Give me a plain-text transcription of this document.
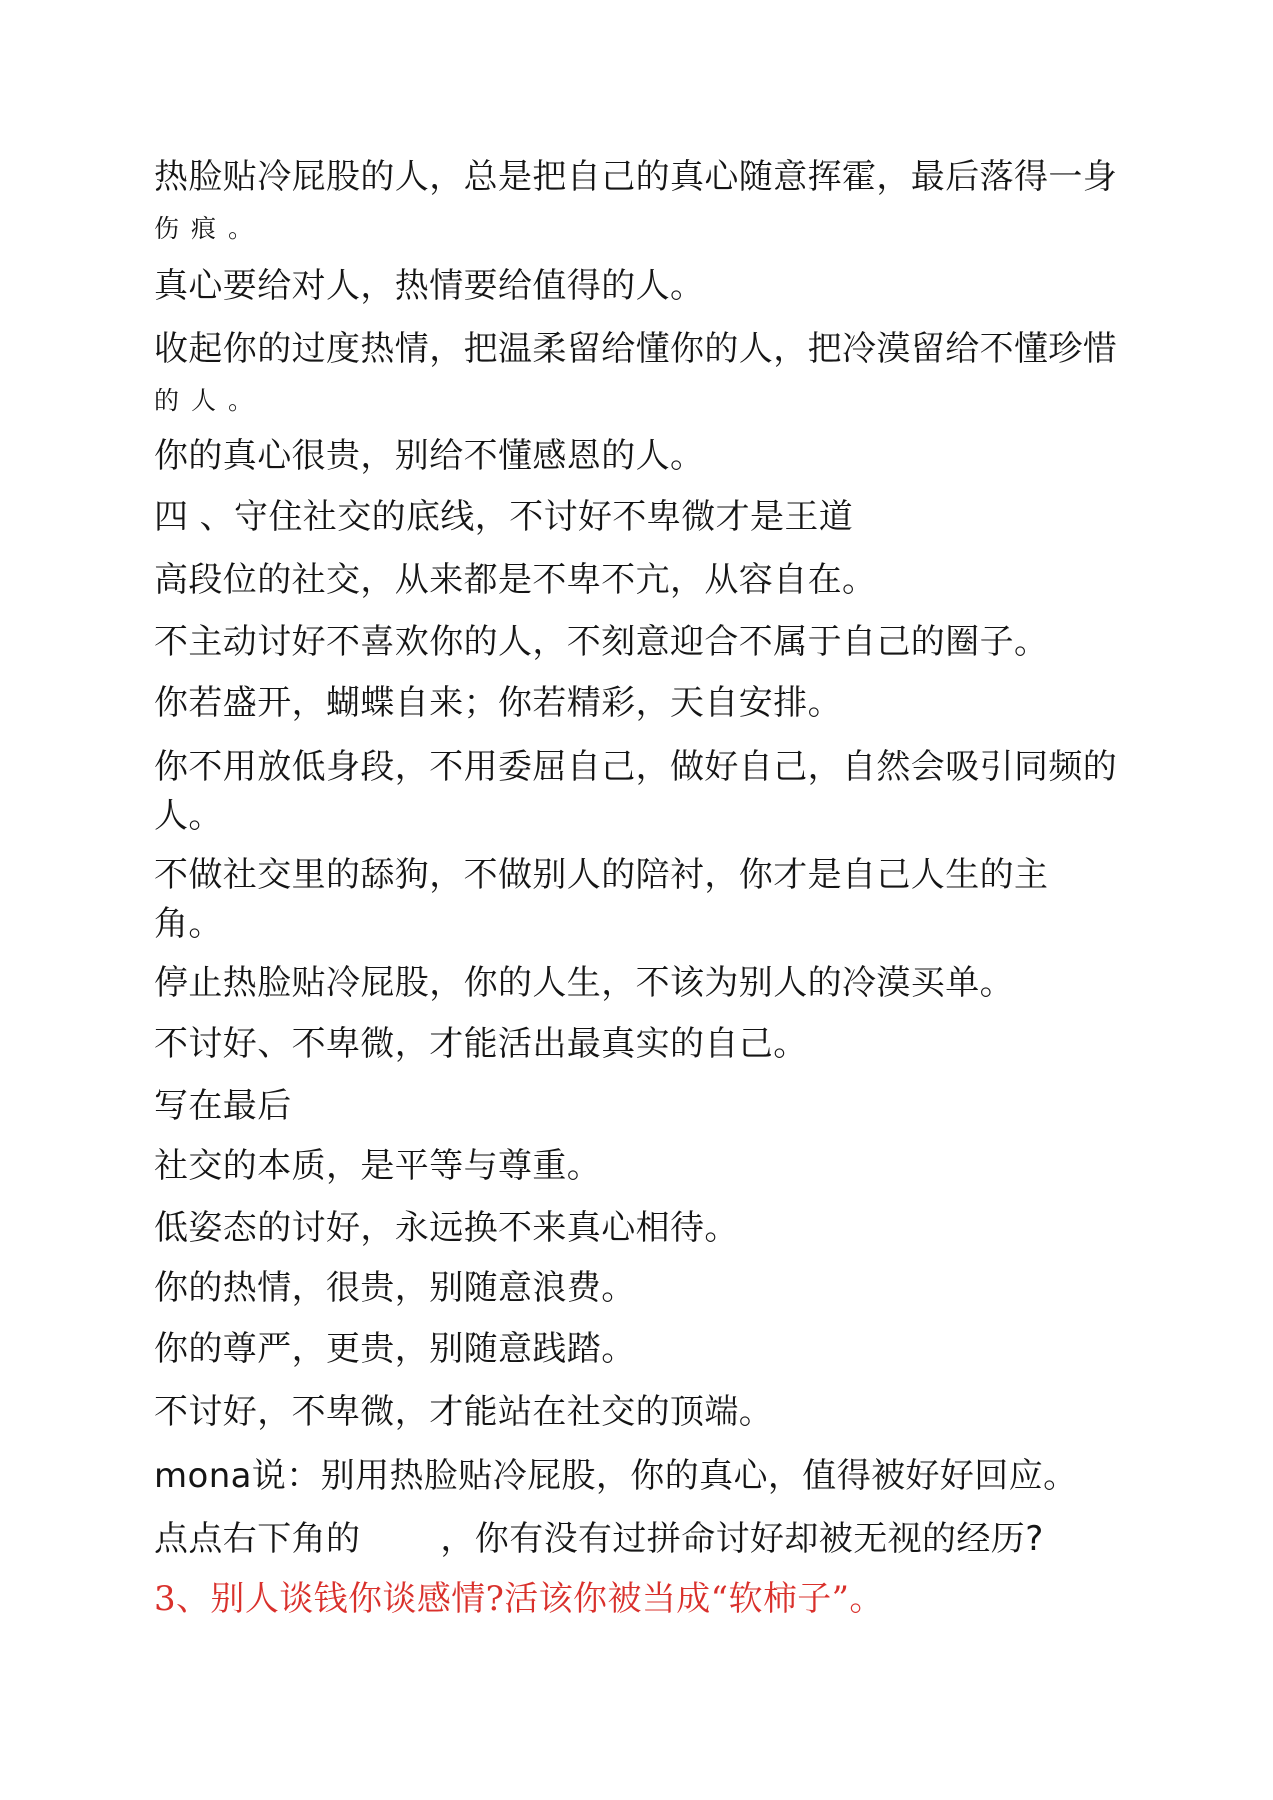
热脸贴冷屁股的人，总是把自己的真心随意挥霍，最后落得一身
伤痕。
真心要给对人，热情要给值得的人。
收起你的过度热情，把温柔留给懂你的人，把冷漠留给不懂珍惜
的人。
你的真心很贵，别给不懂感恩的人。
四 、守住社交的底线，不讨好不卑微才是王道
高段位的社交，从来都是不卑不亢，从容自在。
不主动讨好不喜欢你的人，不刻意迎合不属于自己的圈子。
你若盛开，蝴蝶自来；你若精彩，天自安排。
你不用放低身段，不用委屈自己，做好自己，自然会吸引同频的
人。
不做社交里的舔狗，不做别人的陪衬，你才是自己人生的主
角。
停止热脸贴冷屁股，你的人生，不该为别人的冷漠买单。
不讨好、不卑微，才能活出最真实的自己。
写在最后
社交的本质，是平等与尊重。
低姿态的讨好，永远换不来真心相待。
你的热情，很贵，别随意浪费。
你的尊严，更贵，别随意践踏。
不讨好，不卑微，才能站在社交的顶端。
mona说：别用热脸贴冷屁股，你的真心，值得被好好回应。
点点右下角的 ，你有没有过拼命讨好却被无视的经历?
3、别人谈钱你谈感情?活该你被当成“软柿子”。
